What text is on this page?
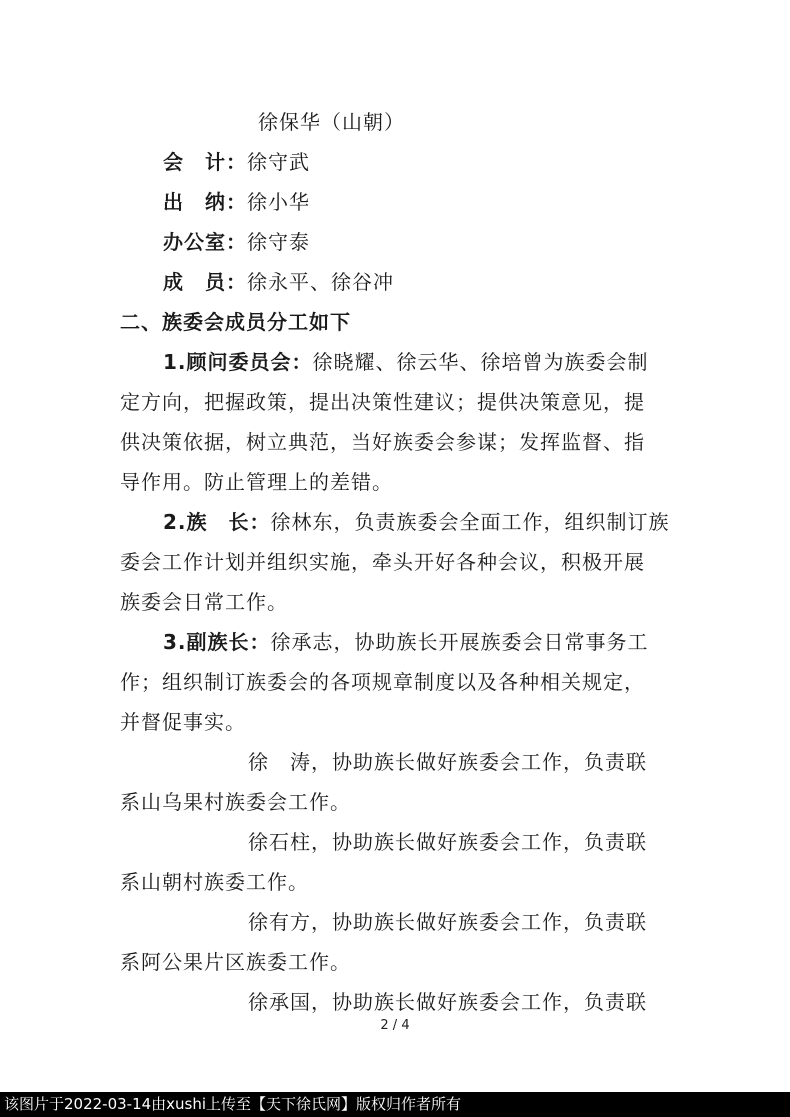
徐保华（山朝）
会　计：徐守武
出　纳：徐小华
办公室：徐守泰
成　员：徐永平、徐谷冲
二、族委会成员分工如下
1.顾问委员会：徐晓耀、徐云华、徐培曾为族委会制
定方向，把握政策，提出决策性建议；提供决策意见，提
供决策依据，树立典范，当好族委会参谋；发挥监督、指
导作用。防止管理上的差错。
2.族　长：徐林东，负责族委会全面工作，组织制订族
委会工作计划并组织实施，牵头开好各种会议，积极开展
族委会日常工作。
3.副族长：徐承志，协助族长开展族委会日常事务工
作；组织制订族委会的各项规章制度以及各种相关规定，
并督促事实。
徐　涛，协助族长做好族委会工作，负责联
系山乌果村族委会工作。
徐石柱，协助族长做好族委会工作，负责联
系山朝村族委工作。
徐有方，协助族长做好族委会工作，负责联
系阿公果片区族委工作。
徐承国，协助族长做好族委会工作，负责联
2 / 4
该图片于2022-03-14由xushi上传至【天下徐氏网】版权归作者所有
